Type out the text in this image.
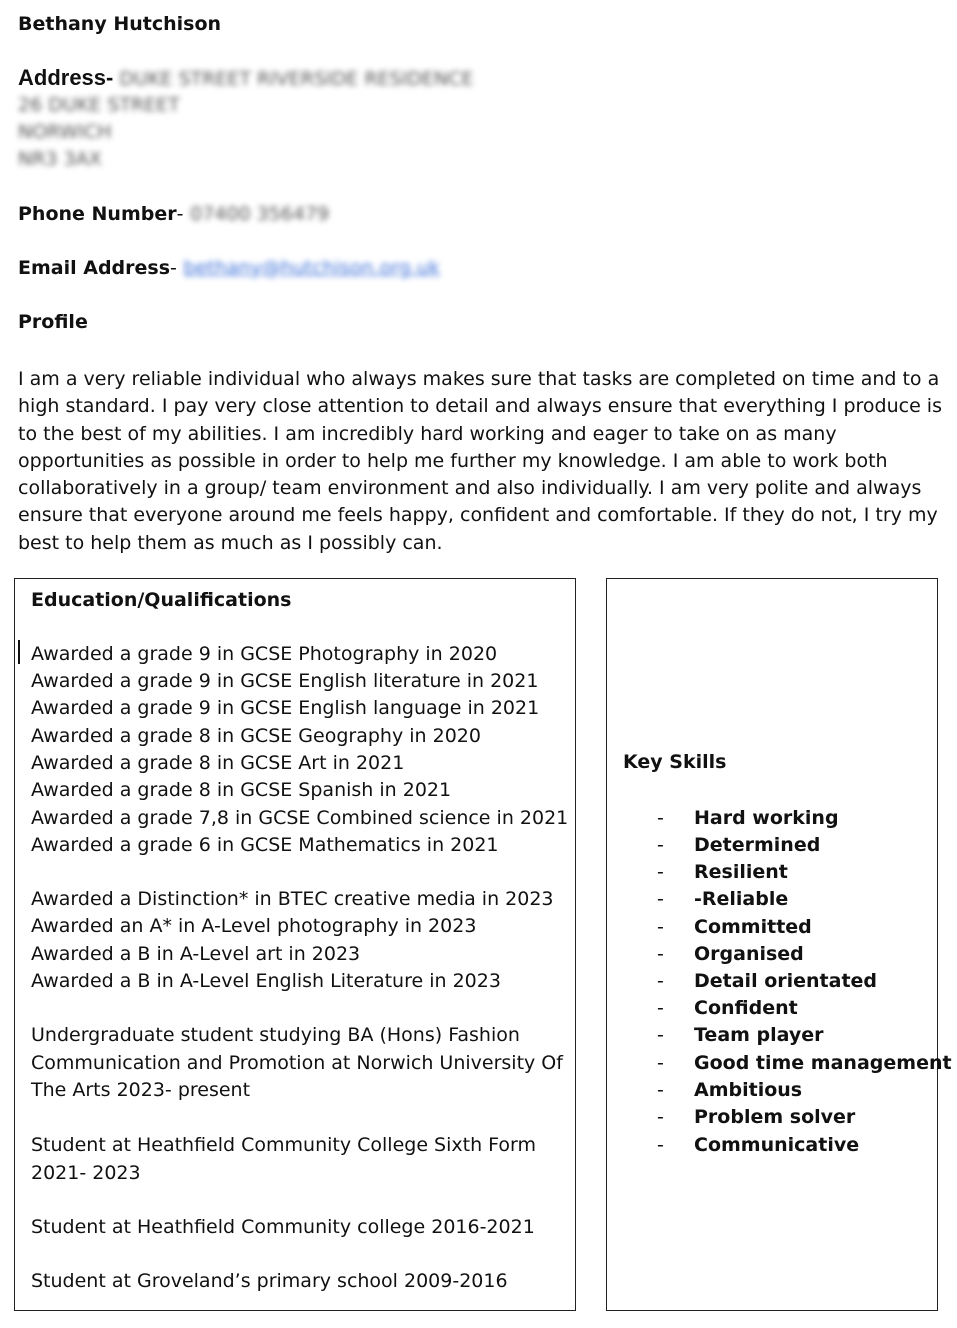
Bethany Hutchison
Address- DUKE STREET RIVERSIDE RESIDENCE
26 DUKE STREET
NORWICH
NR3 3AX
Phone Number- 07400 356479
Email Address- bethany@hutchison.org.uk
Profile
I am a very reliable individual who always makes sure that tasks are completed on time and to a high standard. I pay very close attention to detail and always ensure that everything I produce is to the best of my abilities. I am incredibly hard working and eager to take on as many opportunities as possible in order to help me further my knowledge. I am able to work both collaboratively in a group/ team environment and also individually. I am very polite and always ensure that everyone around me feels happy, confident and comfortable. If they do not, I try my best to help them as much as I possibly can.
Education/Qualifications
Awarded a grade 9 in GCSE Photography in 2020
Awarded a grade 9 in GCSE English literature in 2021
Awarded a grade 9 in GCSE English language in 2021
Awarded a grade 8 in GCSE Geography in 2020
Awarded a grade 8 in GCSE Art in 2021
Awarded a grade 8 in GCSE Spanish in 2021
Awarded a grade 7,8 in GCSE Combined science in 2021
Awarded a grade 6 in GCSE Mathematics in 2021
Awarded a Distinction* in BTEC creative media in 2023
Awarded an A* in A-Level photography in 2023
Awarded a B in A-Level art in 2023
Awarded a B in A-Level English Literature in 2023
Undergraduate student studying BA (Hons) Fashion
Communication and Promotion at Norwich University Of
The Arts 2023- present
Student at Heathfield Community College Sixth Form
2021- 2023
Student at Heathfield Community college 2016-2021
Student at Groveland’s primary school 2009-2016
Key Skills
- Hard working
- Determined
- Resilient
- -Reliable
- Committed
- Organised
- Detail orientated
- Confident
- Team player
- Good time management
- Ambitious
- Problem solver
- Communicative
